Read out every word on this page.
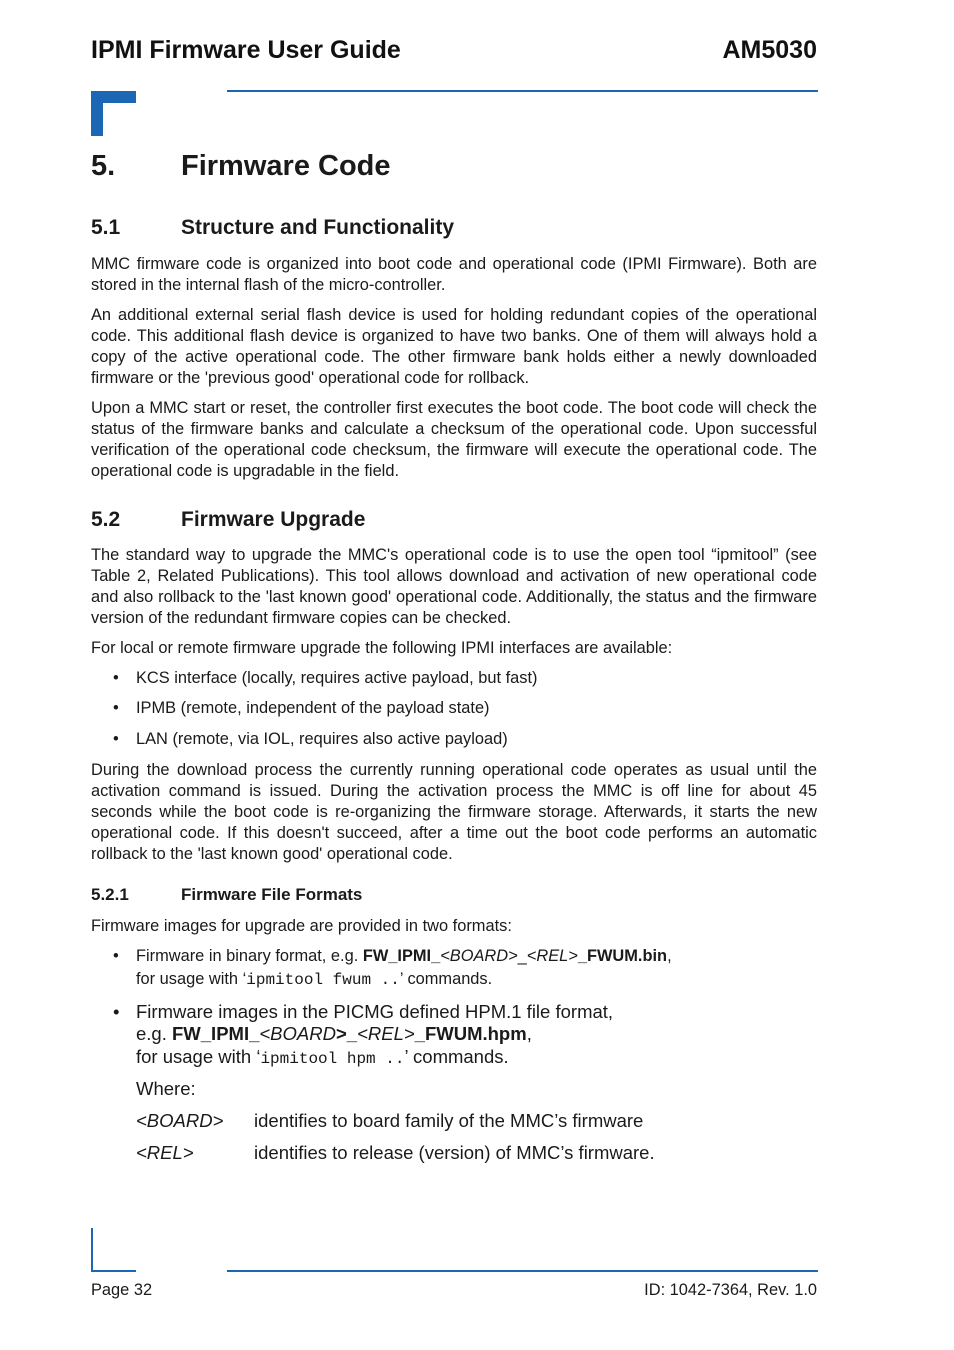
IPMI Firmware User Guide	AM5030
5. Firmware Code
5.1	Structure and Functionality
MMC firmware code is organized into boot code and operational code (IPMI Firmware). Both are stored in the internal flash of the micro-controller.
An additional external serial flash device is used for holding redundant copies of the operational code. This additional flash device is organized to have two banks. One of them will always hold a copy of the active operational code. The other firmware bank holds either a newly downloaded firmware or the 'previous good' operational code for rollback.
Upon a MMC start or reset, the controller first executes the boot code. The boot code will check the status of the firmware banks and calculate a checksum of the operational code. Upon successful verification of the operational code checksum, the firmware will execute the operational code. The operational code is upgradable in the field.
5.2	Firmware Upgrade
The standard way to upgrade the MMC's operational code is to use the open tool “ipmitool” (see Table 2, Related Publications). This tool allows download and activation of new operational code and also rollback to the 'last known good' operational code. Additionally, the status and the firmware version of the redundant firmware copies can be checked.
For local or remote firmware upgrade the following IPMI interfaces are available:
• KCS interface (locally, requires active payload, but fast)
• IPMB (remote, independent of the payload state)
• LAN (remote, via IOL, requires also active payload)
During the download process the currently running operational code operates as usual until the activation command is issued. During the activation process the MMC is off line for about 45 seconds while the boot code is re-organizing the firmware storage. Afterwards, it starts the new operational code. If this doesn't succeed, after a time out the boot code performs an automatic rollback to the 'last known good' operational code.
5.2.1	Firmware File Formats
Firmware images for upgrade are provided in two formats:
• Firmware in binary format, e.g. FW_IPMI_<BOARD>_<REL>_FWUM.bin,
for usage with ‘ipmitool fwum ..’ commands.
• Firmware images in the PICMG defined HPM.1 file format,
e.g. FW_IPMI_<BOARD>_<REL>_FWUM.hpm,
for usage with ‘ipmitool hpm ..’ commands.
Where:
<BOARD> identifies to board family of the MMC’s firmware
<REL>	identifies to release (version) of MMC’s firmware.
Page 32	ID: 1042-7364, Rev. 1.0
